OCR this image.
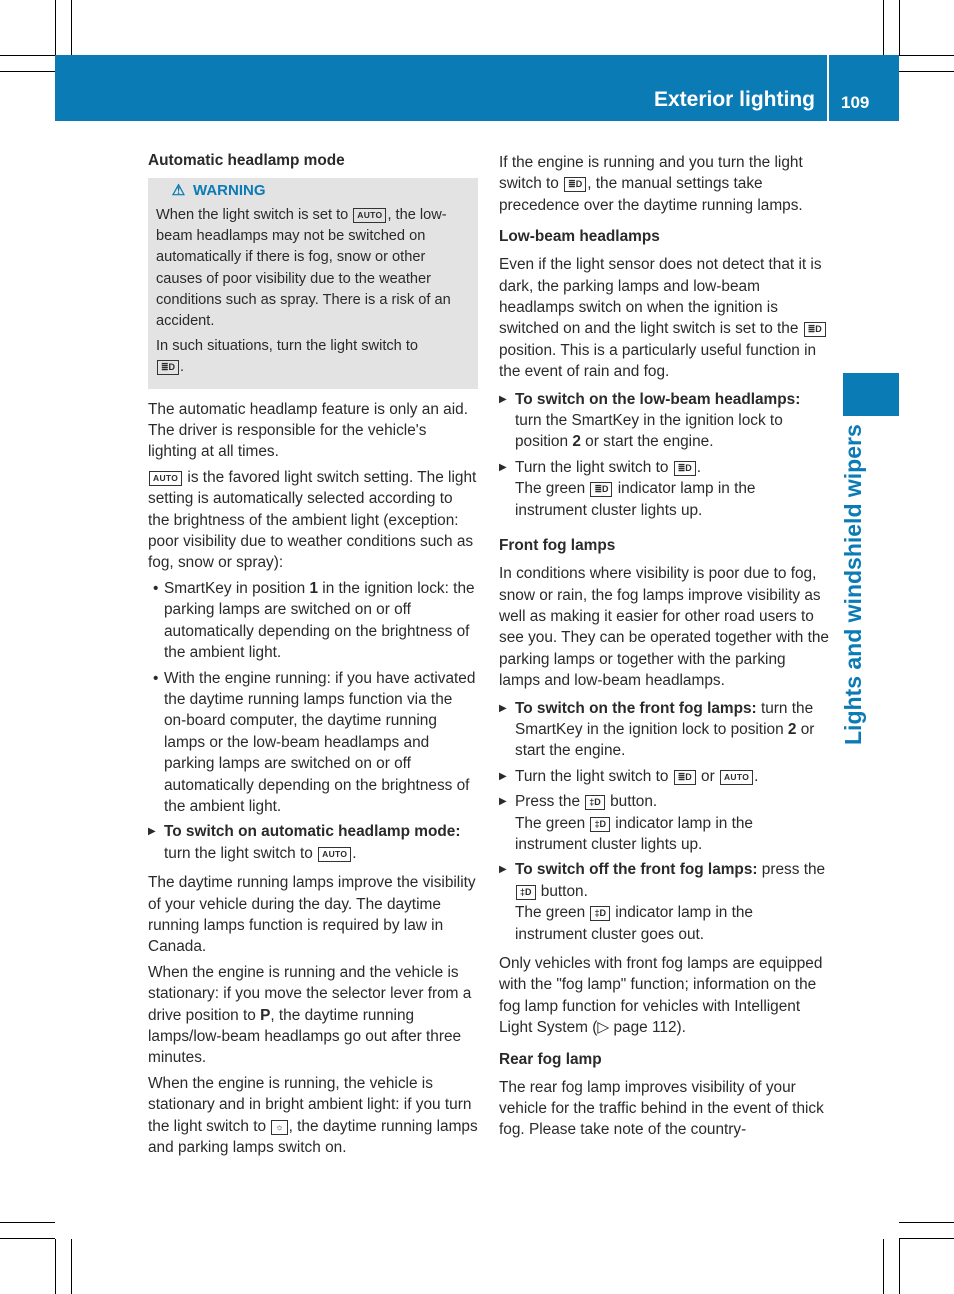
Exterior lighting 109
Lights and windshield wipers
Automatic headlamp mode
⚠ WARNING

When the light switch is set to AUTO , the low-beam headlamps may not be switched on automatically if there is fog, snow or other causes of poor visibility due to the weather conditions such as spray. There is a risk of an accident.

In such situations, turn the light switch to
≣D .

The automatic headlamp feature is only an aid. The driver is responsible for the vehicle's lighting at all times.

AUTO is the favored light switch setting. The light setting is automatically selected according to the brightness of the ambient light (exception: poor visibility due to weather conditions such as fog, snow or spray):

• SmartKey in position 1 in the ignition lock: the parking lamps are switched on or off automatically depending on the brightness of the ambient light.
• With the engine running: if you have activated the daytime running lamps function via the on-board computer, the daytime running lamps or the low-beam headlamps and parking lamps are switched on or off automatically depending on the brightness of the ambient light.
▶ To switch on automatic headlamp mode: turn the light switch to AUTO .

The daytime running lamps improve the visibility of your vehicle during the day. The daytime running lamps function is required by law in Canada.

When the engine is running and the vehicle is stationary: if you move the selector lever from a drive position to P, the daytime running lamps/low-beam headlamps go out after three minutes.

When the engine is running, the vehicle is stationary and in bright ambient light: if you turn the light switch to ☼ , the daytime running lamps and parking lamps switch on.

If the engine is running and you turn the light switch to ≣D , the manual settings take precedence over the daytime running lamps.

Low-beam headlamps

Even if the light sensor does not detect that it is dark, the parking lamps and low-beam headlamps switch on when the ignition is switched on and the light switch is set to the ≣D position. This is a particularly useful function in the event of rain and fog.

▶ To switch on the low-beam headlamps: turn the SmartKey in the ignition lock to position 2 or start the engine.
▶ Turn the light switch to ≣D .
The green ≣D indicator lamp in the instrument cluster lights up.
Front fog lamps

In conditions where visibility is poor due to fog, snow or rain, the fog lamps improve visibility as well as making it easier for other road users to see you. They can be operated together with the parking lamps or together with the parking lamps and low-beam headlamps.

▶ To switch on the front fog lamps: turn the SmartKey in the ignition lock to position 2 or start the engine.
▶ Turn the light switch to ≣D or AUTO .
▶ Press the ‡D button.
The green ‡D indicator lamp in the instrument cluster lights up.
▶ To switch off the front fog lamps: press the ‡D button.
The green ‡D indicator lamp in the instrument cluster goes out.

Only vehicles with front fog lamps are equipped with the "fog lamp" function; information on the fog lamp function for vehicles with Intelligent Light System (▷ page 112).

Rear fog lamp

The rear fog lamp improves visibility of your vehicle for the traffic behind in the event of thick fog. Please take note of the country-
